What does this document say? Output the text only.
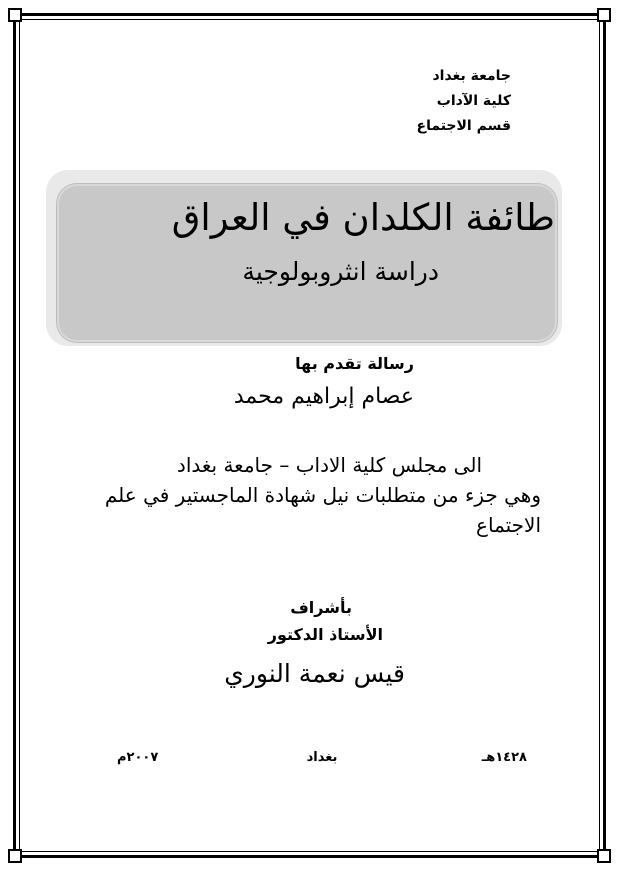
جامعة بغداد
كلية الآداب
قسم الاجتماع
طائفة الكلدان في العراق
دراسة انثروبولوجية
رسالة تقدم بها
عصام إبراهيم محمد
الى مجلس كلية الاداب – جامعة بغداد
وهي جزء من متطلبات نيل شهادة الماجستير في علم الاجتماع
بأشراف
الأستاذ الدكتور
قيس نعمة النوري
١٤٢٨هـ
بغداد
٢٠٠٧م
